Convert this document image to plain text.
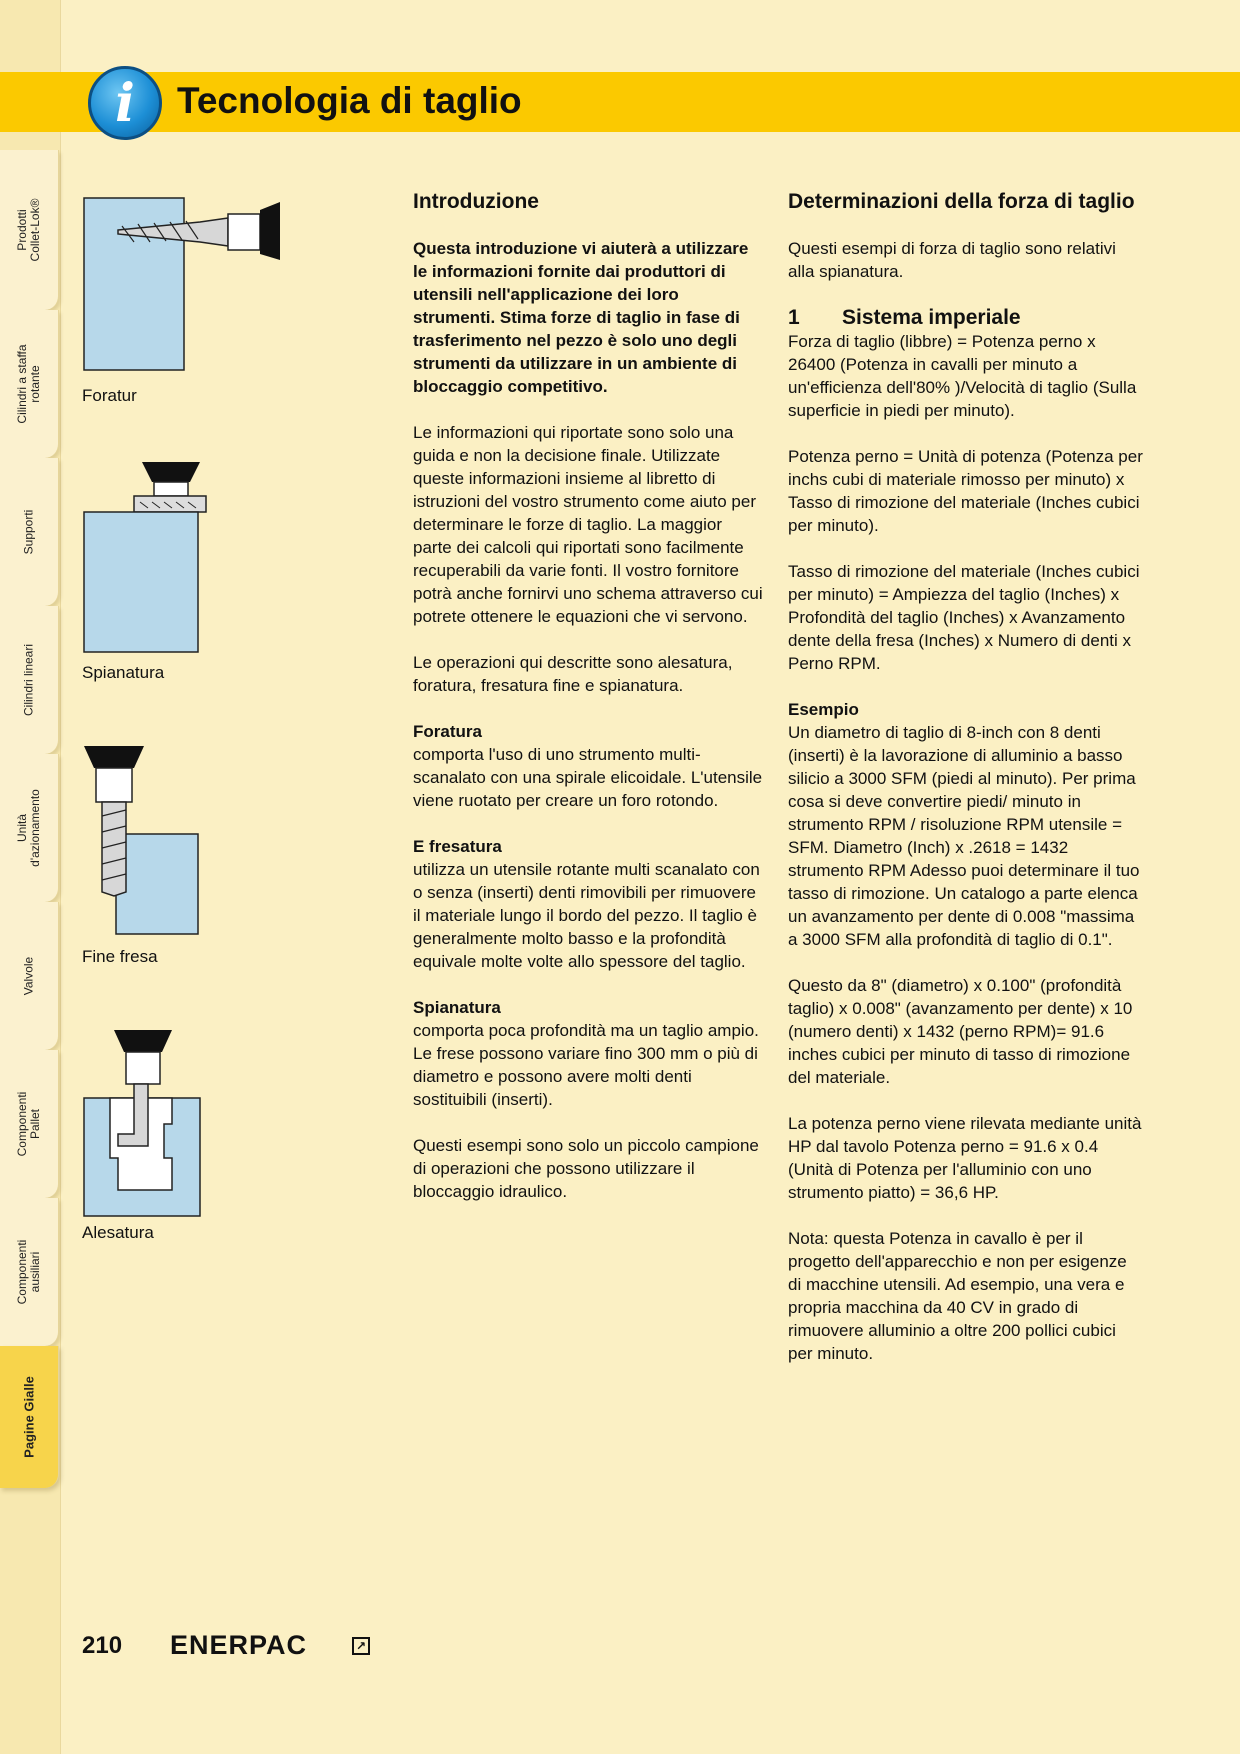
Prodotti Collet-Lok®
Cilindri a staffa rotante
Supporti
Cilindri lineari
Unità d'azionamento
Valvole
Componenti Pallet
Componenti ausiliari
Pagine Gialle
i	Tecnologia di taglio
Foratur
Spianatura
Fine fresa
Alesatura
Introduzione

Questa introduzione vi aiuterà a utilizzare le informazioni fornite dai produttori di utensili nell'applicazione dei loro strumenti. Stima forze di taglio in fase di trasferimento nel pezzo è solo uno degli strumenti da utilizzare in un ambiente di bloccaggio competitivo.

Le informazioni qui riportate sono solo una guida e non la decisione finale. Utilizzate queste informazioni insieme al libretto di istruzioni del vostro strumento come aiuto per determinare le forze di taglio. La maggior parte dei calcoli qui riportati sono facilmente recuperabili da varie fonti. Il vostro fornitore potrà anche fornirvi uno schema attraverso cui potrete ottenere le equazioni che vi servono.

Le operazioni qui descritte sono alesatura, foratura, fresatura fine e spianatura.

Foratura
comporta l'uso di uno strumento multi-scanalato con una spirale elicoidale. L'utensile viene ruotato per creare un foro rotondo.
E fresatura
utilizza un utensile rotante multi scanalato con o senza (inserti) denti rimovibili per rimuovere il materiale lungo il bordo del pezzo. Il taglio è generalmente molto basso e la profondità equivale molte volte allo spessore del taglio.
Spianatura
comporta poca profondità ma un taglio ampio. Le frese possono variare fino 300 mm o più di diametro e possono avere molti denti sostituibili (inserti).

Questi esempi sono solo un piccolo campione di operazioni che possono utilizzare il bloccaggio idraulico.

Determinazioni della forza di taglio

Questi esempi di forza di taglio sono relativi alla spianatura.

1 Sistema imperiale

Forza di taglio (libbre) = Potenza perno x 26400 (Potenza in cavalli per minuto a un'efficienza dell'80% )/Velocità di taglio (Sulla superficie in piedi per minuto).

Potenza perno = Unità di potenza (Potenza per inchs cubi di materiale rimosso per minuto) x Tasso di rimozione del materiale (Inches cubici per minuto).

Tasso di rimozione del materiale (Inches cubici per minuto) = Ampiezza del taglio (Inches) x Profondità del taglio (Inches) x Avanzamento dente della fresa (Inches) x Numero di denti x Perno RPM.

Esempio
Un diametro di taglio di 8-inch con 8 denti (inserti) è la lavorazione di alluminio a basso silicio a 3000 SFM (piedi al minuto). Per prima cosa si deve convertire piedi/ minuto in strumento RPM / risoluzione RPM utensile = SFM. Diametro (Inch) x .2618 = 1432 strumento RPM Adesso puoi determinare il tuo tasso di rimozione. Un catalogo a parte elenca un avanzamento per dente di 0.008 "massima a 3000 SFM alla profondità di taglio di 0.1".

Questo da 8" (diametro) x 0.100" (profondità taglio) x 0.008" (avanzamento per dente) x 10 (numero denti) x 1432 (perno RPM)= 91.6 inches cubici per minuto di tasso di rimozione del materiale.

La potenza perno viene rilevata mediante unità HP dal tavolo Potenza perno = 91.6 x 0.4 (Unità di Potenza per l'alluminio con uno strumento piatto) = 36,6 HP.

Nota: questa Potenza in cavallo è per il progetto dell'apparecchio e non per esigenze di macchine utensili. Ad esempio, una vera e propria macchina da 40 CV in grado di rimuovere alluminio a oltre 200 pollici cubici per minuto.

210 ENERPAC	↗
